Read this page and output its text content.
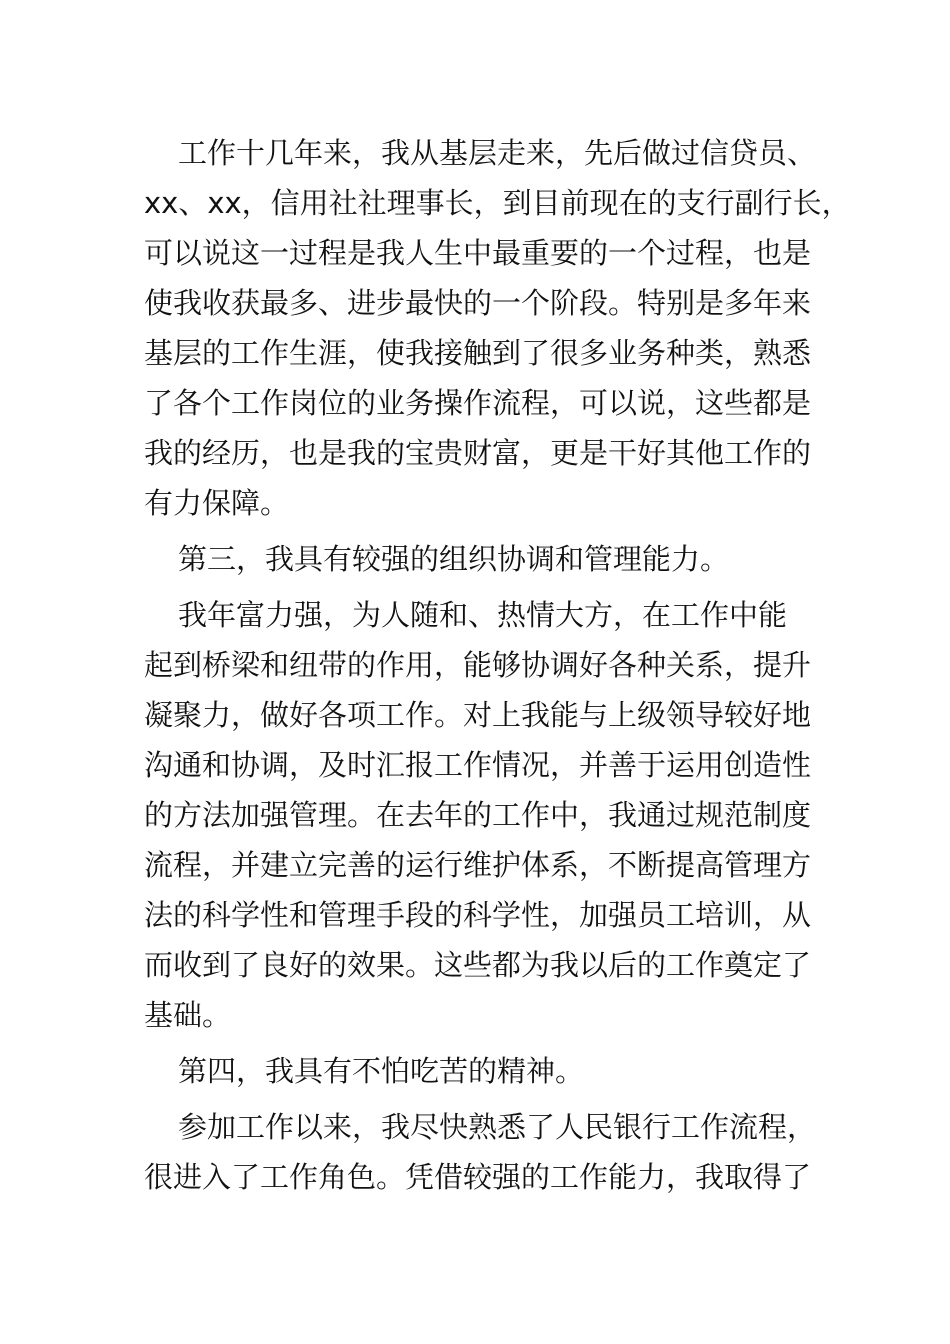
工作十几年来，我从基层走来，先后做过信贷员、
xx、xx，信用社社理事长，到目前现在的支行副行长，
可以说这一过程是我人生中最重要的一个过程，也是
使我收获最多、进步最快的一个阶段。特别是多年来
基层的工作生涯，使我接触到了很多业务种类，熟悉
了各个工作岗位的业务操作流程，可以说，这些都是
我的经历，也是我的宝贵财富，更是干好其他工作的
有力保障。
第三，我具有较强的组织协调和管理能力。
我年富力强，为人随和、热情大方，在工作中能
起到桥梁和纽带的作用，能够协调好各种关系，提升
凝聚力，做好各项工作。对上我能与上级领导较好地
沟通和协调，及时汇报工作情况，并善于运用创造性
的方法加强管理。在去年的工作中，我通过规范制度
流程，并建立完善的运行维护体系，不断提高管理方
法的科学性和管理手段的科学性，加强员工培训，从
而收到了良好的效果。这些都为我以后的工作奠定了
基础。
第四，我具有不怕吃苦的精神。
参加工作以来，我尽快熟悉了人民银行工作流程，
很进入了工作角色。凭借较强的工作能力，我取得了
